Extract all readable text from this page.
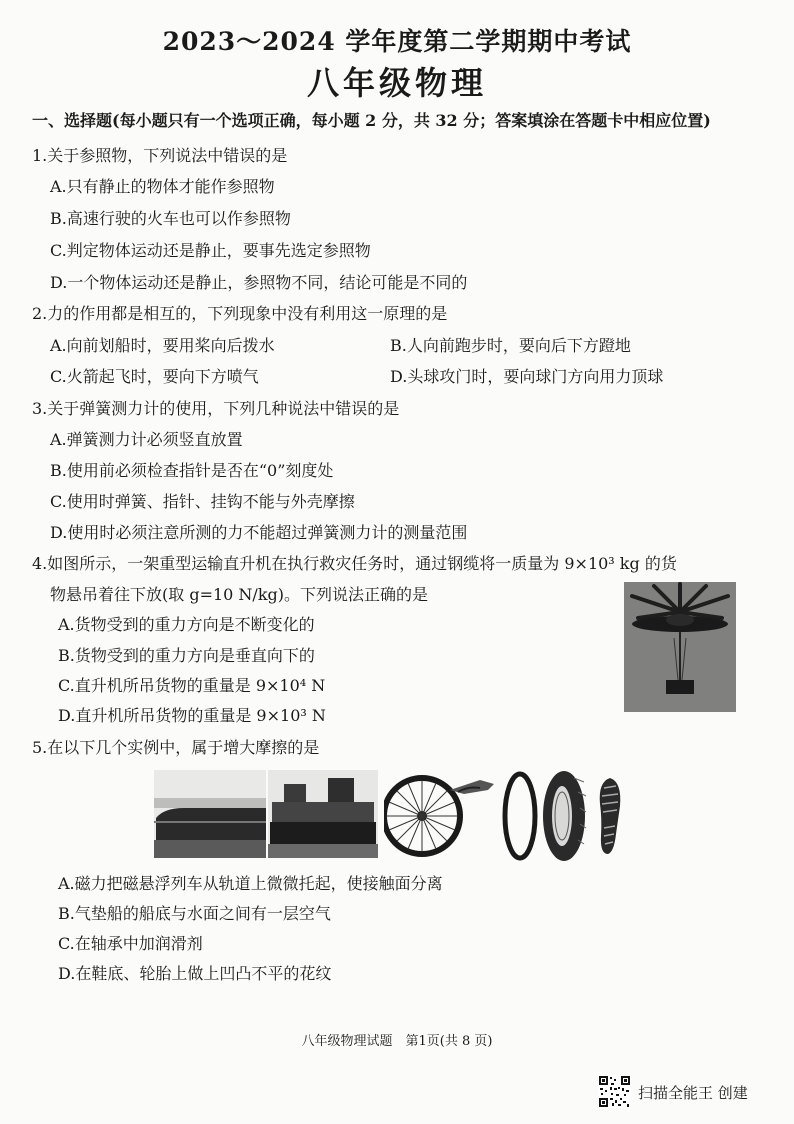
2023～2024 学年度第二学期期中考试
八年级物理
一、选择题(每小题只有一个选项正确，每小题 2 分，共 32 分；答案填涂在答题卡中相应位置)
1.关于参照物，下列说法中错误的是
A.只有静止的物体才能作参照物
B.高速行驶的火车也可以作参照物
C.判定物体运动还是静止，要事先选定参照物
D.一个物体运动还是静止，参照物不同，结论可能是不同的
2.力的作用都是相互的，下列现象中没有利用这一原理的是
A.向前划船时，要用桨向后拨水	B.人向前跑步时，要向后下方蹬地
C.火箭起飞时，要向下方喷气	D.头球攻门时，要向球门方向用力顶球
3.关于弹簧测力计的使用，下列几种说法中错误的是
A.弹簧测力计必须竖直放置
B.使用前必须检查指针是否在“0”刻度处
C.使用时弹簧、指针、挂钩不能与外壳摩擦
D.使用时必须注意所测的力不能超过弹簧测力计的测量范围
4.如图所示，一架重型运输直升机在执行救灾任务时，通过钢缆将一质量为 9×10³ kg 的货
物悬吊着往下放(取 g=10 N/kg)。下列说法正确的是
A.货物受到的重力方向是不断变化的
B.货物受到的重力方向是垂直向下的
C.直升机所吊货物的重量是 9×10⁴ N
D.直升机所吊货物的重量是 9×10³ N
5.在以下几个实例中，属于增大摩擦的是
A.磁力把磁悬浮列车从轨道上微微托起，使接触面分离
B.气垫船的船底与水面之间有一层空气
C.在轴承中加润滑剂
D.在鞋底、轮胎上做上凹凸不平的花纹
八年级物理试题　第1页(共 8 页)
扫描全能王 创建
